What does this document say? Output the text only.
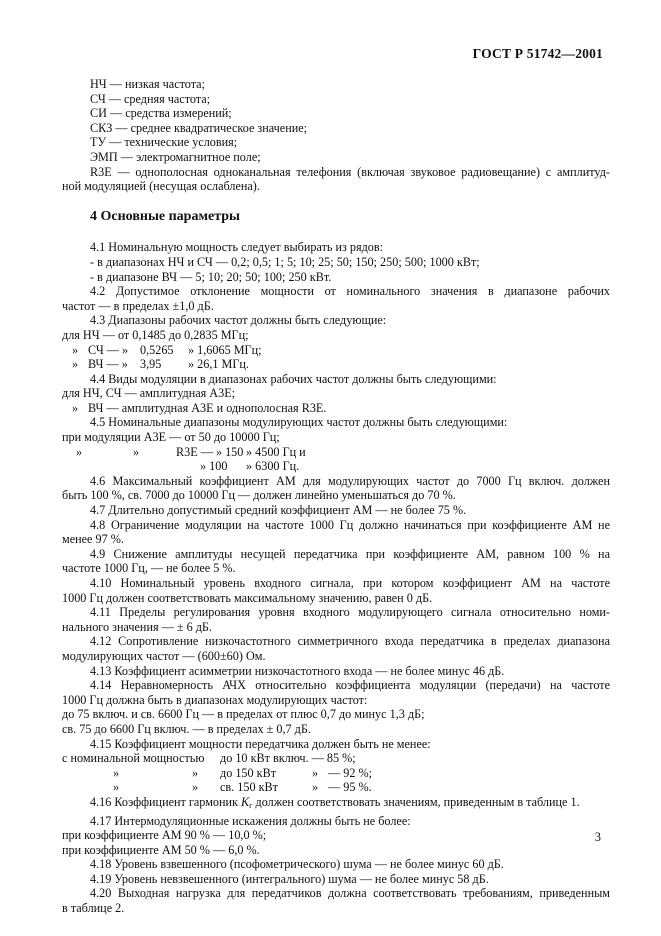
ГОСТ Р 51742—2001
НЧ — низкая частота;
СЧ — средняя частота;
СИ — средства измерений;
СКЗ — среднее квадратическое значение;
ТУ — технические условия;
ЭМП — электромагнитное поле;
R3E — однополосная одноканальная телефония (включая звуковое радиовещание) с амплитуд-
ной модуляцией (несущая ослаблена).
4 Основные параметры
4.1 Номинальную мощность следует выбирать из рядов:
- в диапазонах НЧ и СЧ — 0,2; 0,5; 1; 5; 10; 25; 50; 150; 250; 500; 1000 кВт;
- в диапазоне ВЧ — 5; 10; 20; 50; 100; 250 кВт.
4.2 Допустимое отклонение мощности от номинального значения в диапазоне рабочих
частот — в пределах ±1,0 дБ.
4.3 Диапазоны рабочих частот должны быть следующие:
для НЧ — от 0,1485 до 0,2835 МГц;
» СЧ — » 0,5265 » 1,6065 МГц;
» ВЧ — » 3,95 » 26,1 МГц.
4.4 Виды модуляции в диапазонах рабочих частот должны быть следующими:
для НЧ, СЧ — амплитудная А3Е;
» ВЧ — амплитудная А3Е и однополосная R3E.
4.5 Номинальные диапазоны модулирующих частот должны быть следующими:
при модуляции А3Е — от 50 до 10000 Гц;
»	»	R3E — » 150 » 4500 Гц и
» 100 » 6300 Гц.
4.6 Максимальный коэффициент АМ для модулирующих частот до 7000 Гц включ. должен
быть 100 %, св. 7000 до 10000 Гц — должен линейно уменьшаться до 70 %.
4.7 Длительно допустимый средний коэффициент АМ — не более 75 %.
4.8 Ограничение модуляции на частоте 1000 Гц должно начинаться при коэффициенте АМ не
менее 97 %.
4.9 Снижение амплитуды несущей передатчика при коэффициенте АМ, равном 100 % на
частоте 1000 Гц, — не более 5 %.
4.10 Номинальный уровень входного сигнала, при котором коэффициент АМ на частоте
1000 Гц должен соответствовать максимальному значению, равен 0 дБ.
4.11 Пределы регулирования уровня входного модулирующего сигнала относительно номи-
нального значения — ± 6 дБ.
4.12 Сопротивление низкочастотного симметричного входа передатчика в пределах диапазона
модулирующих частот — (600±60) Ом.
4.13 Коэффициент асимметрии низкочастотного входа — не более минус 46 дБ.
4.14 Неравномерность АЧХ относительно коэффициента модуляции (передачи) на частоте
1000 Гц должна быть в диапазонах модулирующих частот:
до 75 включ. и св. 6600 Гц — в пределах от плюс 0,7 до минус 1,3 дБ;
св. 75 до 6600 Гц включ. — в пределах ± 0,7 дБ.
4.15 Коэффициент мощности передатчика должен быть не менее:
с номинальной мощностью до 10 кВт включ. — 85 %;
»	» до 150 кВт	» — 92 %;
»	» св. 150 кВт	» — 95 %.
4.16 Коэффициент гармоник $K_г$ должен соответствовать значениям, приведенным в таблице 1.
4.17 Интермодуляционные искажения должны быть не более:
при коэффициенте АМ 90 % — 10,0 %;
при коэффициенте АМ 50 % — 6,0 %.
4.18 Уровень взвешенного (псофометрического) шума — не более минус 60 дБ.
4.19 Уровень невзвешенного (интегрального) шума — не более минус 58 дБ.
4.20 Выходная нагрузка для передатчиков должна соответствовать требованиям, приведенным
в таблице 2.
3
